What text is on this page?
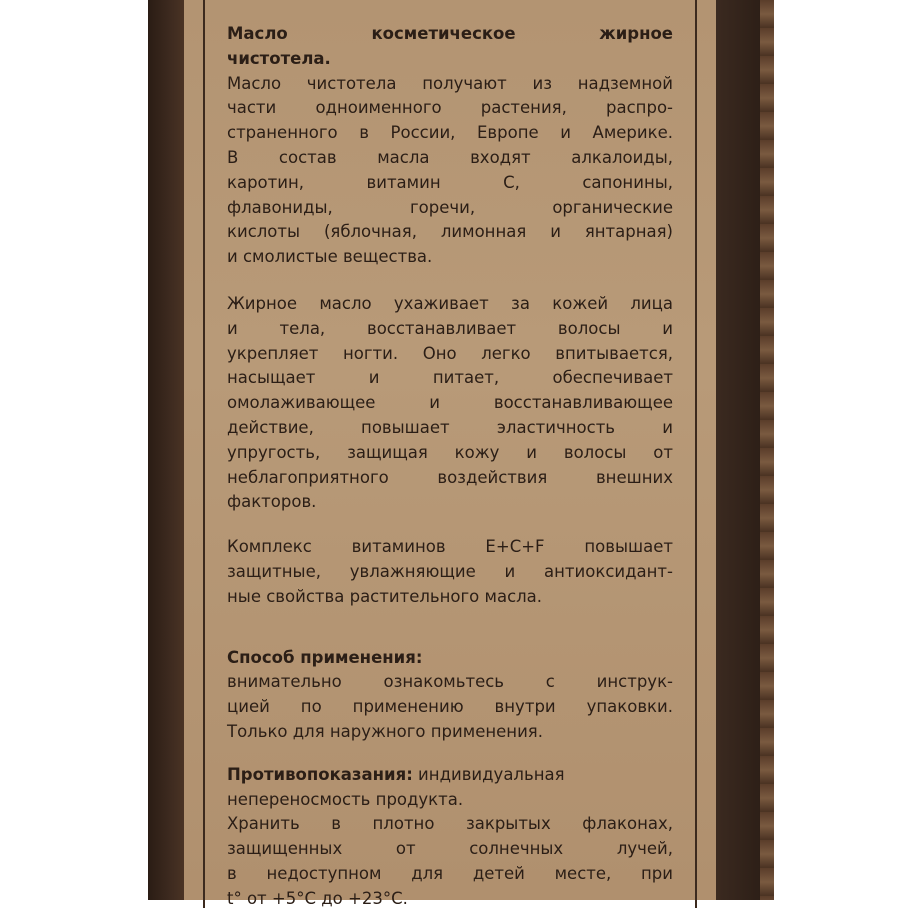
Масло косметическое жирное
чистотела.
Масло чистотела получают из надземной
части одноименного растения, распро-
страненного в России, Европе и Америке.
В состав масла входят алкалоиды,
каротин, витамин С, сапонины,
флавониды, горечи, органические
кислоты (яблочная, лимонная и янтарная)
и смолистые вещества.
Жирное масло ухаживает за кожей лица
и тела, восстанавливает волосы и
укрепляет ногти. Оно легко впитывается,
насыщает и питает, обеспечивает
омолаживающее и восстанавливающее
действие, повышает эластичность и
упругость, защищая кожу и волосы от
неблагоприятного воздействия внешних
факторов.
Комплекс витаминов Е+С+F повышает
защитные, увлажняющие и антиоксидант-
ные свойства растительного масла.
Способ применения:
внимательно ознакомьтесь с инструк-
цией по применению внутри упаковки.
Только для наружного применения.
Противопоказания: индивидуальная
непереносмость продукта.
Хранить в плотно закрытых флаконах,
защищенных от солнечных лучей,
в недоступном для детей месте, при
t° от +5°С до +23°С.
